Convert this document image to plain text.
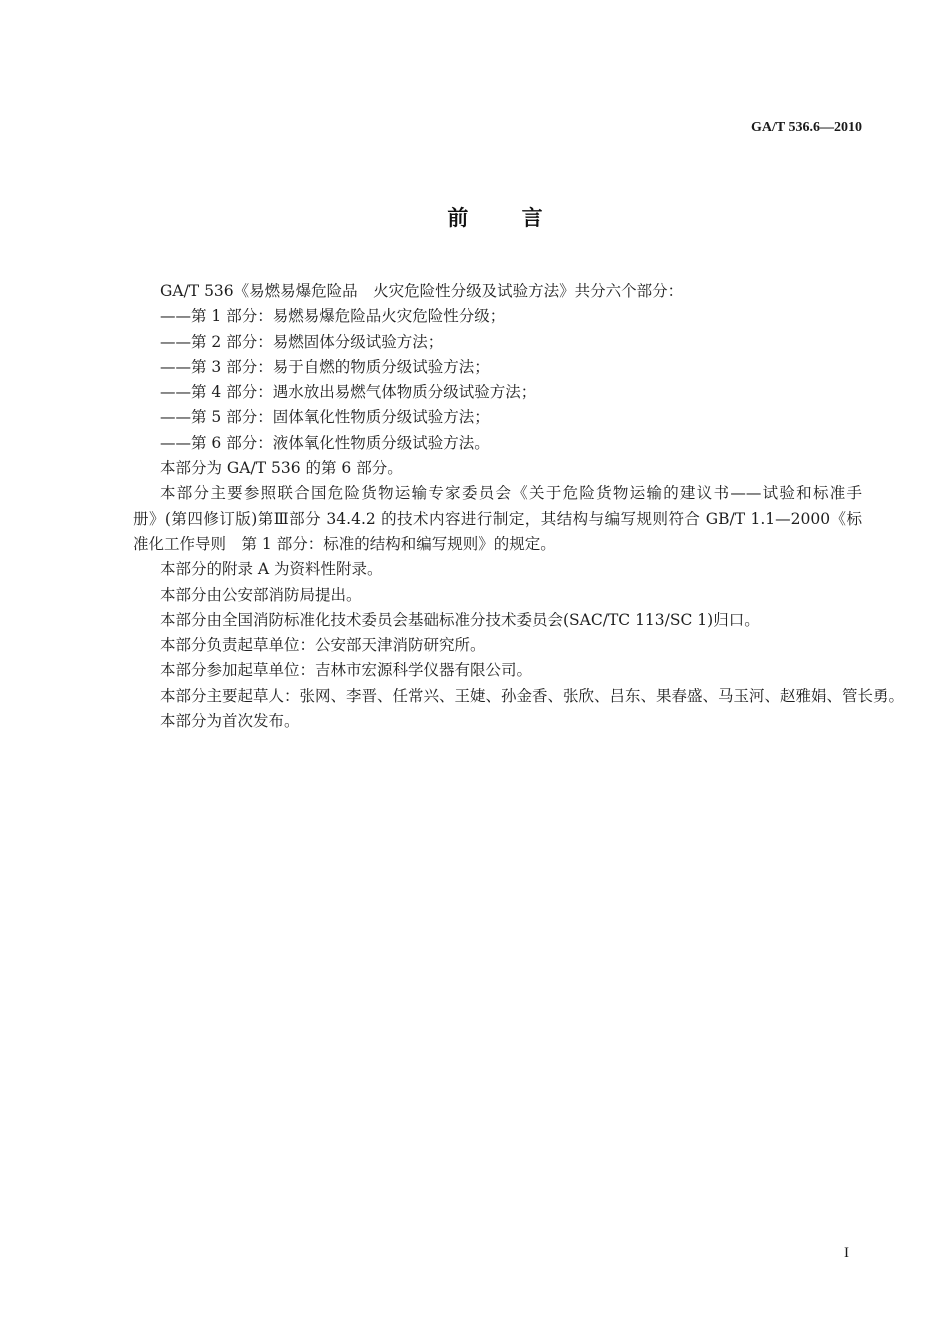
GA/T 536.6—2010
前 言
GA/T 536《易燃易爆危险品　火灾危险性分级及试验方法》共分六个部分：
——第 1 部分：易燃易爆危险品火灾危险性分级；
——第 2 部分：易燃固体分级试验方法；
——第 3 部分：易于自燃的物质分级试验方法；
——第 4 部分：遇水放出易燃气体物质分级试验方法；
——第 5 部分：固体氧化性物质分级试验方法；
——第 6 部分：液体氧化性物质分级试验方法。
本部分为 GA/T 536 的第 6 部分。
本部分主要参照联合国危险货物运输专家委员会《关于危险货物运输的建议书——试验和标准手
册》(第四修订版)第Ⅲ部分 34.4.2 的技术内容进行制定，其结构与编写规则符合 GB/T 1.1—2000《标
准化工作导则　第 1 部分：标准的结构和编写规则》的规定。
本部分的附录 A 为资料性附录。
本部分由公安部消防局提出。
本部分由全国消防标准化技术委员会基础标准分技术委员会(SAC/TC 113/SC 1)归口。
本部分负责起草单位：公安部天津消防研究所。
本部分参加起草单位：吉林市宏源科学仪器有限公司。
本部分主要起草人：张网、李晋、任常兴、王婕、孙金香、张欣、吕东、果春盛、马玉河、赵雅娟、管长勇。
本部分为首次发布。
I
